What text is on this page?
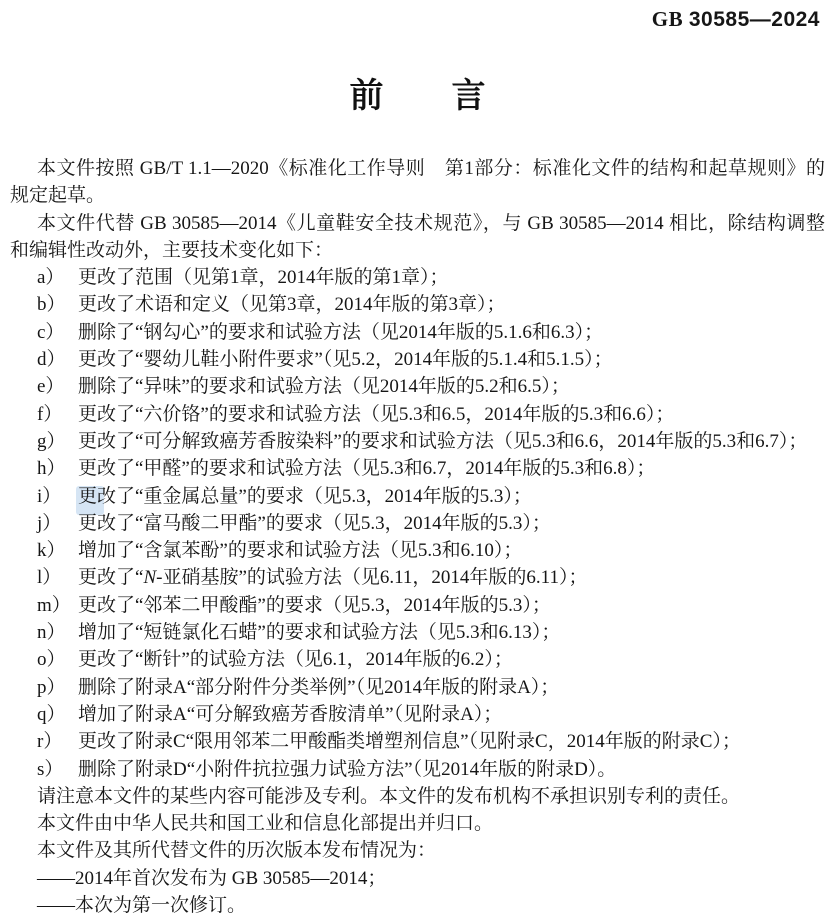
GB 30585—2024
前　　言

本文件按照 GB/T 1.1—2020《标准化工作导则　第1部分：标准化文件的结构和起草规则》的规定起草。

本文件代替 GB 30585—2014《儿童鞋安全技术规范》，与 GB 30585—2014 相比，除结构调整和编辑性改动外，主要技术变化如下：

a） 更改了范围（见第1章，2014年版的第1章）；
b） 更改了术语和定义（见第3章，2014年版的第3章）；
c） 删除了“钢勾心”的要求和试验方法（见2014年版的5.1.6和6.3）；
d） 更改了“婴幼儿鞋小附件要求”（见5.2，2014年版的5.1.4和5.1.5）；
e） 删除了“异味”的要求和试验方法（见2014年版的5.2和6.5）；
f） 更改了“六价铬”的要求和试验方法（见5.3和6.5，2014年版的5.3和6.6）；
g） 更改了“可分解致癌芳香胺染料”的要求和试验方法（见5.3和6.6，2014年版的5.3和6.7）；
h） 更改了“甲醛”的要求和试验方法（见5.3和6.7，2014年版的5.3和6.8）；
i） 更改了“重金属总量”的要求（见5.3，2014年版的5.3）；
j） 更改了“富马酸二甲酯”的要求（见5.3，2014年版的5.3）；
k） 增加了“含氯苯酚”的要求和试验方法（见5.3和6.10）；
l） 更改了“N-亚硝基胺”的试验方法（见6.11，2014年版的6.11）；
m） 更改了“邻苯二甲酸酯”的要求（见5.3，2014年版的5.3）；
n） 增加了“短链氯化石蜡”的要求和试验方法（见5.3和6.13）；
o） 更改了“断针”的试验方法（见6.1，2014年版的6.2）；
p） 删除了附录A“部分附件分类举例”（见2014年版的附录A）；
q） 增加了附录A“可分解致癌芳香胺清单”（见附录A）；
r） 更改了附录C“限用邻苯二甲酸酯类增塑剂信息”（见附录C，2014年版的附录C）；
s） 删除了附录D“小附件抗拉强力试验方法”（见2014年版的附录D）。

请注意本文件的某些内容可能涉及专利。本文件的发布机构不承担识别专利的责任。

本文件由中华人民共和国工业和信息化部提出并归口。

本文件及其所代替文件的历次版本发布情况为：

——2014年首次发布为 GB 30585—2014；

——本次为第一次修订。
